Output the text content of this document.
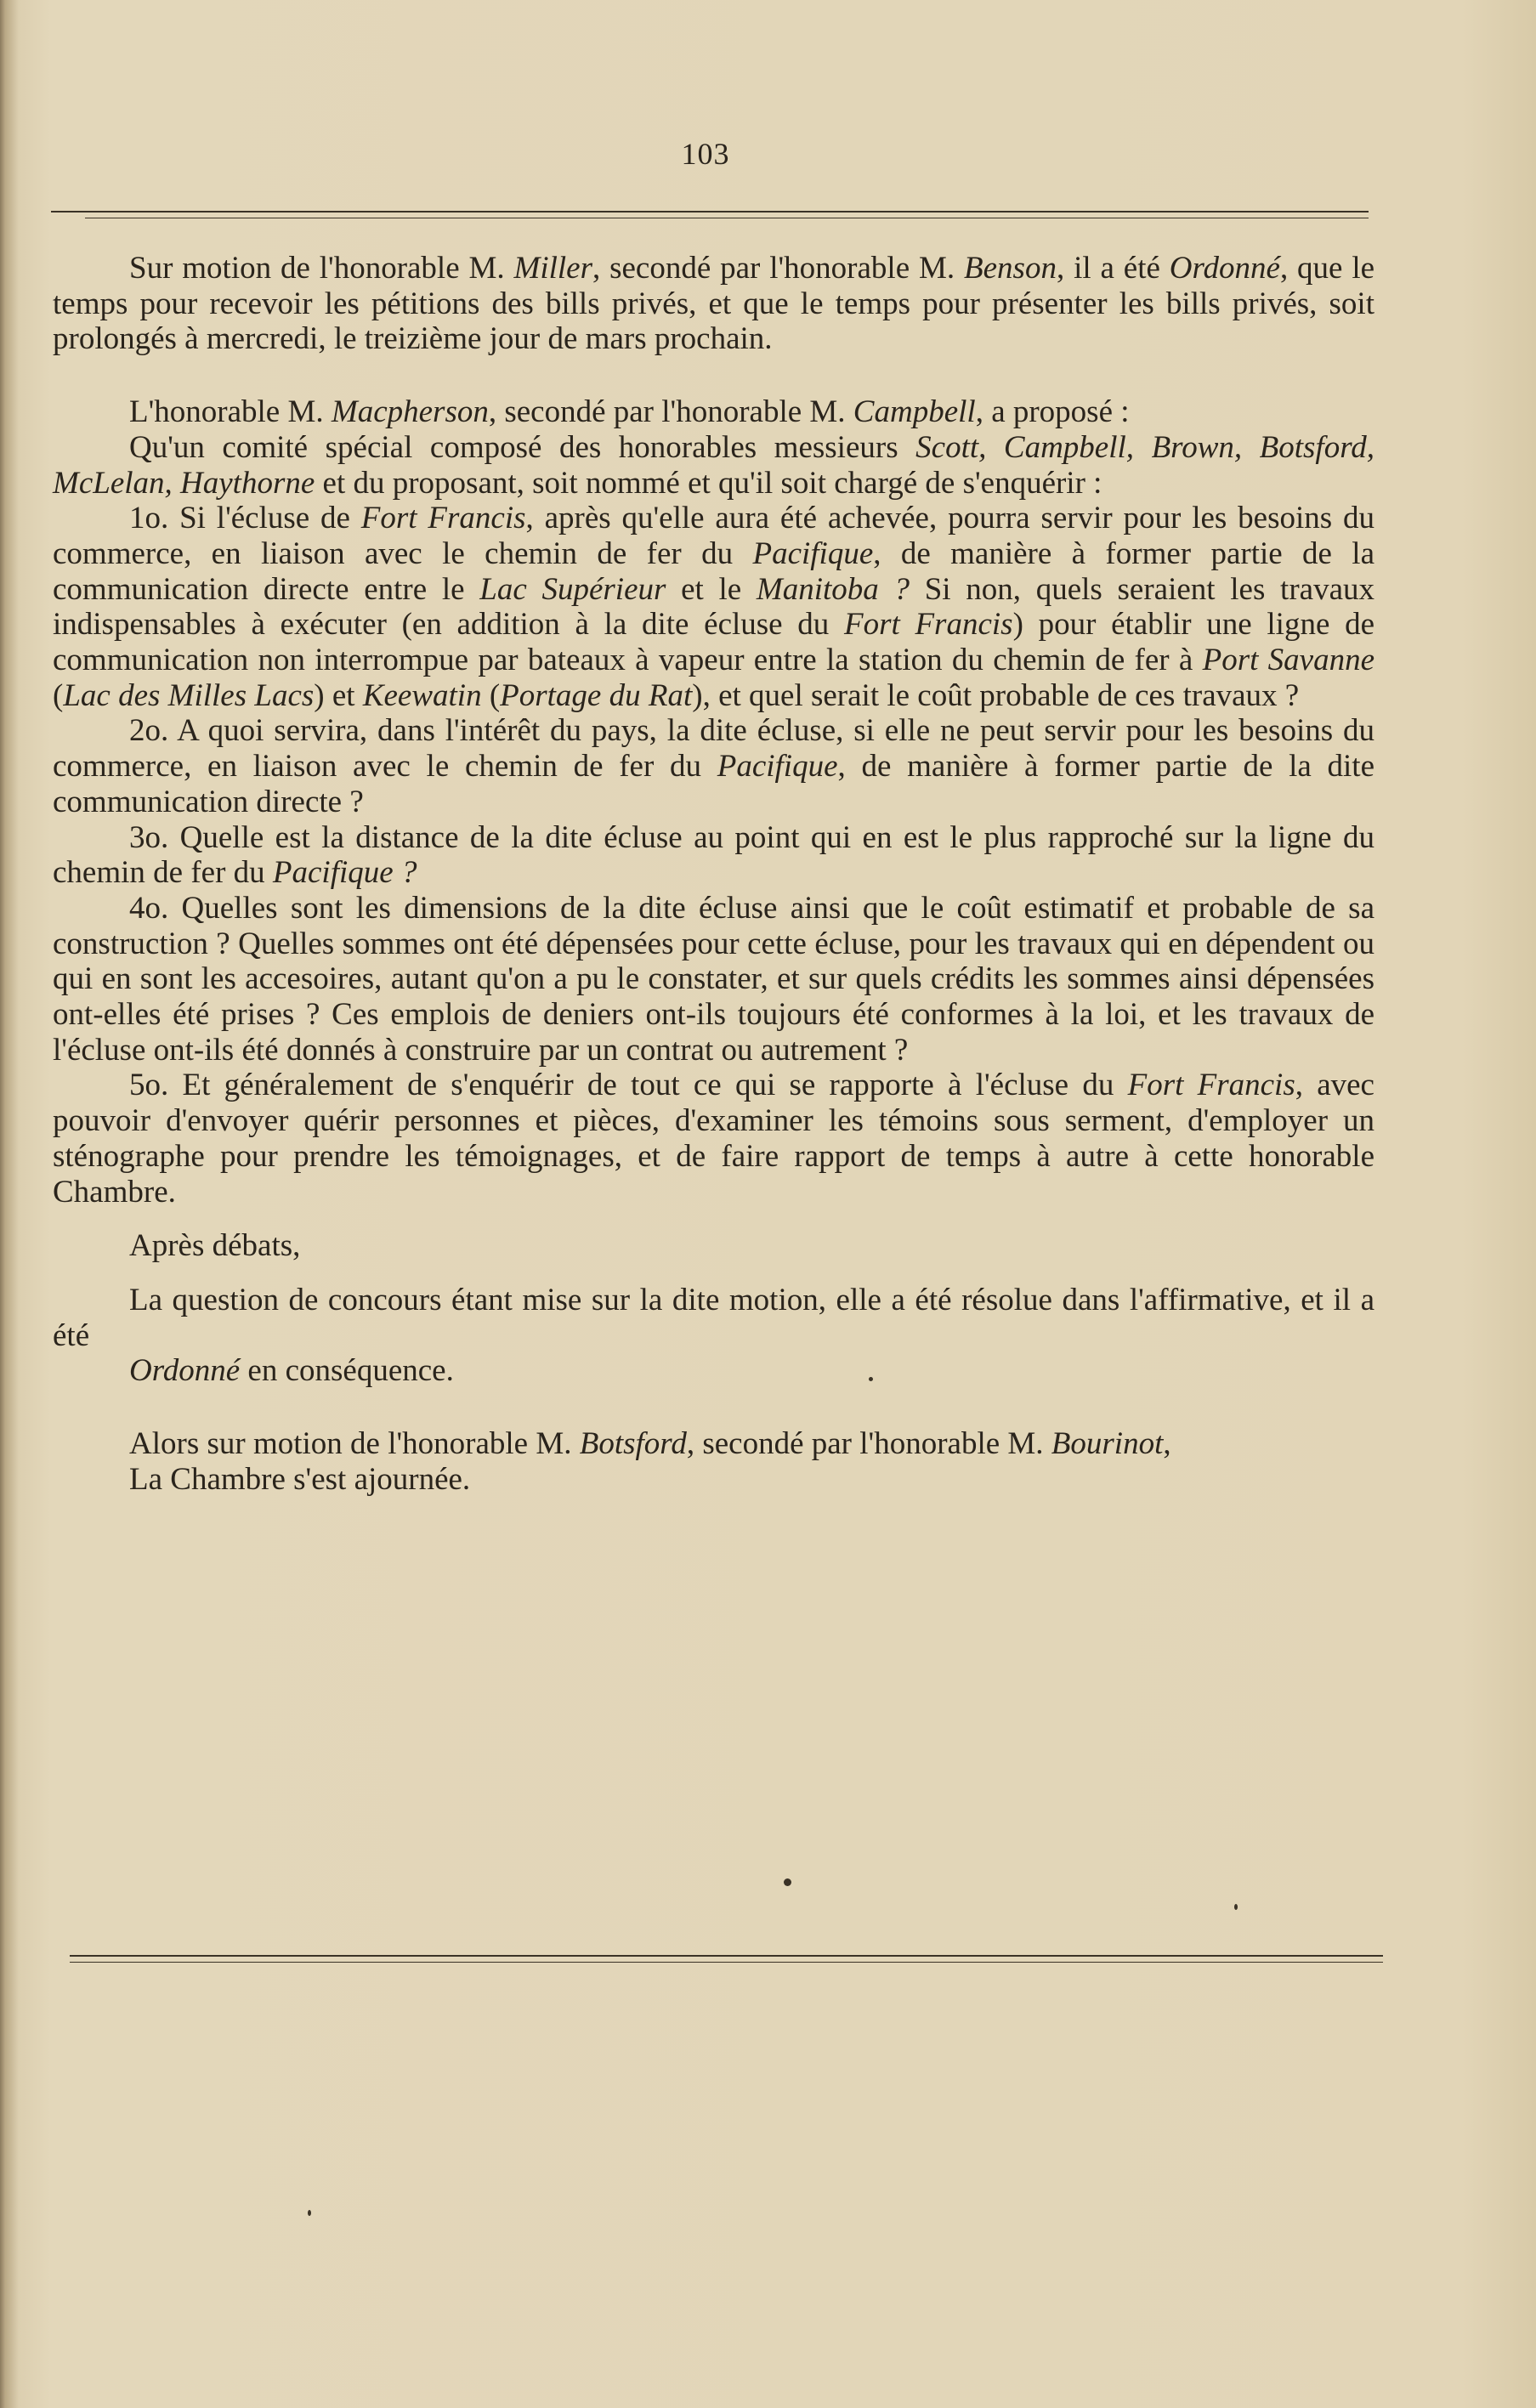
103

Sur motion de l'honorable M. Miller, secondé par l'honorable M. Benson, il a été Ordonné, que le temps pour recevoir les pétitions des bills privés, et que le temps pour présenter les bills privés, soit prolongés à mercredi, le treizième jour de mars prochain.

L'honorable M. Macpherson, secondé par l'honorable M. Campbell, a proposé :

Qu'un comité spécial composé des honorables messieurs Scott, Campbell, Brown, Botsford, McLelan, Haythorne et du proposant, soit nommé et qu'il soit chargé de s'enquérir :

1o. Si l'écluse de Fort Francis, après qu'elle aura été achevée, pourra servir pour les besoins du commerce, en liaison avec le chemin de fer du Pacifique, de manière à former partie de la communication directe entre le Lac Supérieur et le Manitoba ? Si non, quels seraient les travaux indispensables à exécuter (en addition à la dite écluse du Fort Francis) pour établir une ligne de communication non interrompue par bateaux à vapeur entre la station du chemin de fer à Port Savanne (Lac des Milles Lacs) et Keewatin (Portage du Rat), et quel serait le coût probable de ces travaux ?

2o. A quoi servira, dans l'intérêt du pays, la dite écluse, si elle ne peut servir pour les besoins du commerce, en liaison avec le chemin de fer du Pacifique, de manière à former partie de la dite communication directe ?

3o. Quelle est la distance de la dite écluse au point qui en est le plus rapproché sur la ligne du chemin de fer du Pacifique ?

4o. Quelles sont les dimensions de la dite écluse ainsi que le coût estimatif et probable de sa construction ? Quelles sommes ont été dépensées pour cette écluse, pour les travaux qui en dépendent ou qui en sont les accesoires, autant qu'on a pu le constater, et sur quels crédits les sommes ainsi dépensées ont-elles été prises ? Ces emplois de deniers ont-ils toujours été conformes à la loi, et les travaux de l'écluse ont-ils été donnés à construire par un contrat ou autrement ?

5o. Et généralement de s'enquérir de tout ce qui se rapporte à l'écluse du Fort Francis, avec pouvoir d'envoyer quérir personnes et pièces, d'examiner les témoins sous serment, d'employer un sténographe pour prendre les témoignages, et de faire rapport de temps à autre à cette honorable Chambre.

Après débats,

La question de concours étant mise sur la dite motion, elle a été résolue dans l'affirmative, et il a été

Ordonné en conséquence.

Alors sur motion de l'honorable M. Botsford, secondé par l'honorable M. Bourinot,

La Chambre s'est ajournée.
